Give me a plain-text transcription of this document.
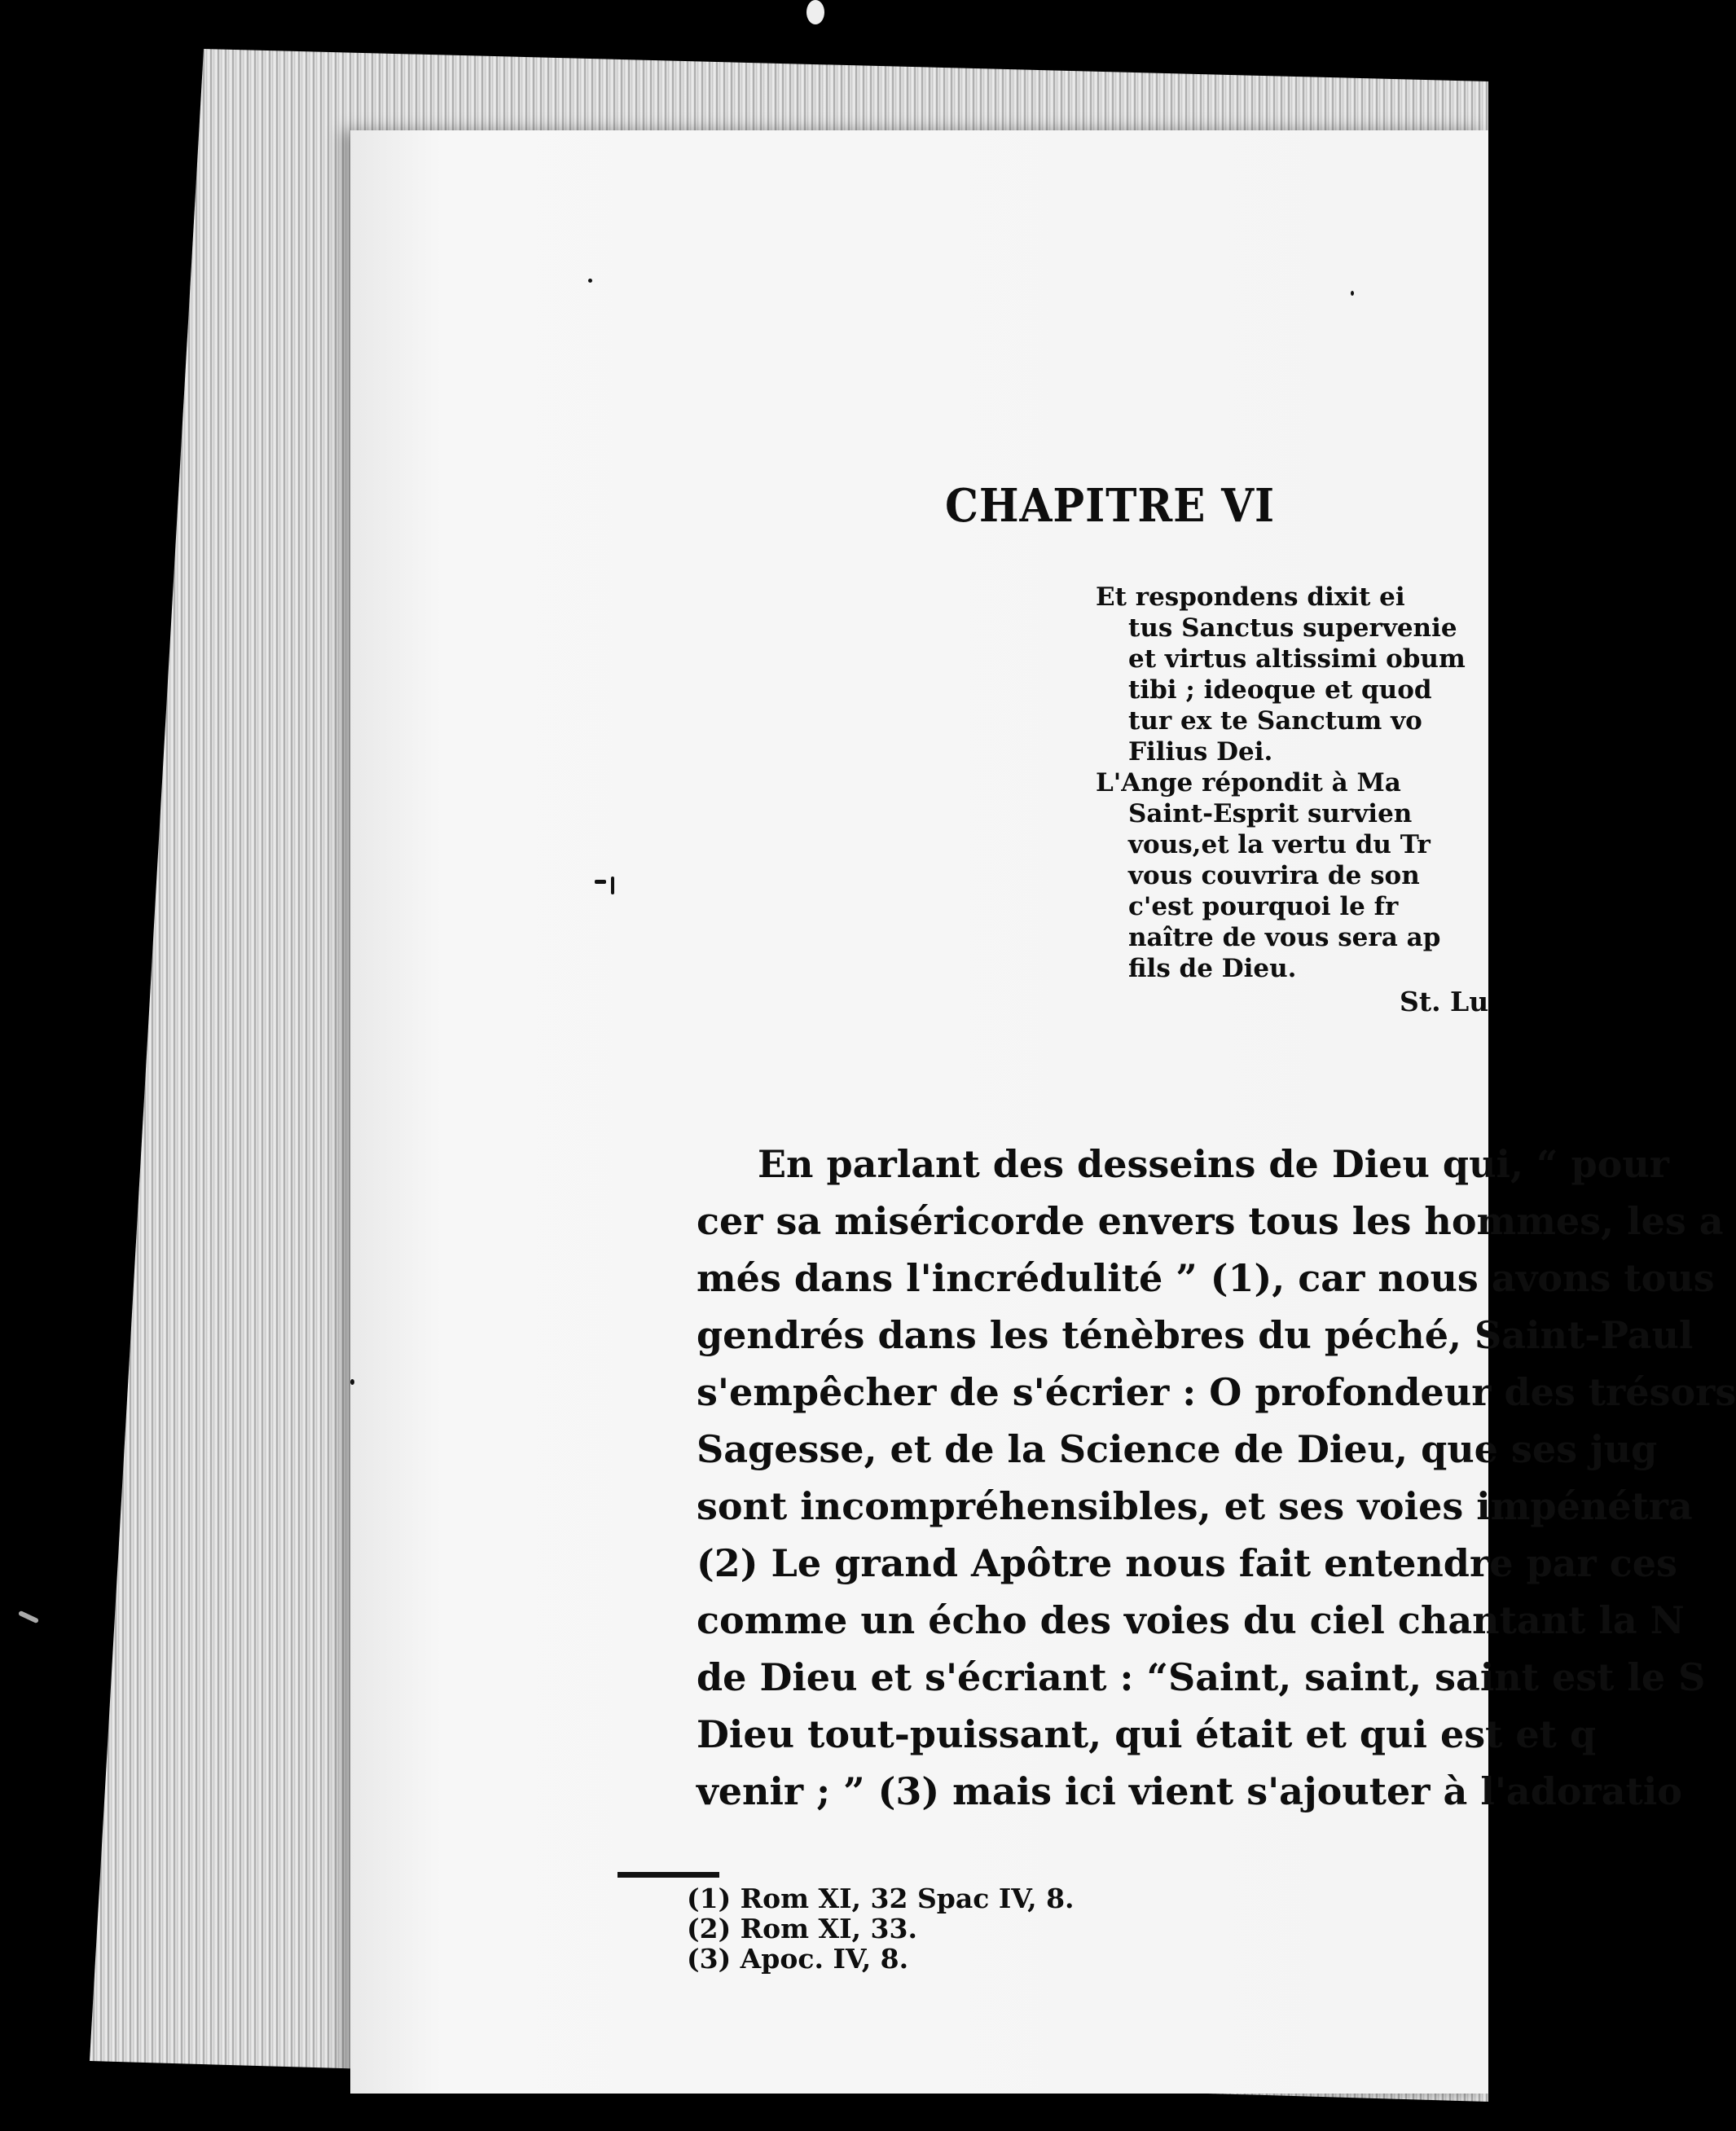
CHAPITRE VI

Et respondens dixit ei

tus Sanctus supervenie

et virtus altissimi obum

tibi ; ideoque et quod

tur ex te Sanctum vo

Filius Dei.

L'Ange répondit à Ma

Saint-Esprit survien

vous,et la vertu du Tr

vous couvrira de son

c'est pourquoi le fr

naître de vous sera ap

fils de Dieu.

St. Lu

En parlant des desseins de Dieu qui, “ pour

cer sa miséricorde envers tous les hommes, les a

més dans l'incrédulité ” (1), car nous avons tous

gendrés dans les ténèbres du péché, Saint-Paul

s'empêcher de s'écrier : O profondeur des trésors

Sagesse, et de la Science de Dieu, que ses jug

sont incompréhensibles, et ses voies impénétra

(2) Le grand Apôtre nous fait entendre par ces

comme un écho des voies du ciel chantant la N

de Dieu et s'écriant : “Saint, saint, saint est le S

Dieu tout-puissant, qui était et qui est et q

venir ; ” (3) mais ici vient s'ajouter à l'adoratio

(1) Rom XI, 32 Spac IV, 8.

(2) Rom XI, 33.

(3) Apoc. IV, 8.
